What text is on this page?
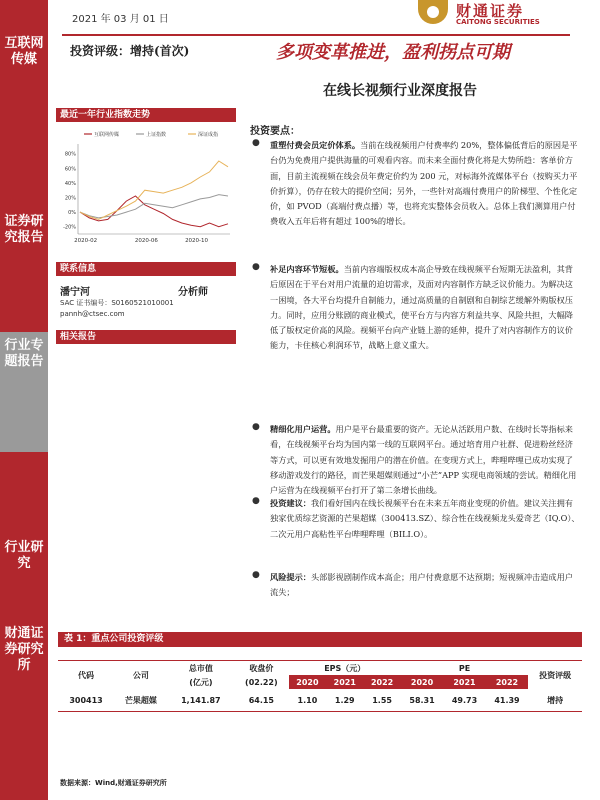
互联网传媒
证券研究报告
行业专题报告
行业研究
财通证券研究所
2021 年 03 月 01 日	财通证券
CAITONG SECURITIES
投资评级：增持(首次)	多项变革推进，盈利拐点可期
在线长视频行业深度报告
最近一年行业指数走势
80%
60%
40%
20%
0%
-20%
2020-02	2020-06	2020-10
互联网传媒	上证指数	深证成指
联系信息
潘宁河	分析师
SAC 证书编号：S0160521010001
pannh@ctsec.com
相关报告
投资要点：
● 重塑付费会员定价体系。当前在线视频用户付费率约 20%，整体偏低背后的原因是平台仍为免费用户提供海量的可观看内容。而未来全面付费化将是大势所趋：客单价方面，目前主流视频在线会员年费定价约为 200 元，对标海外流媒体平台（按购买力平价折算），仍存在较大的提价空间；另外，一些针对高端付费用户的阶梯型、个性化定价，如 PVOD（高端付费点播）等，也将充实整体会员收入。总体上我们测算用户付费收入五年后将有超过 100%的增长。
● 补足内容环节短板。当前内容端版权成本高企导致在线视频平台短期无法盈利，其背后原因在于平台对用户流量的迫切需求，及面对内容制作方缺乏议价能力。为解决这一困境，各大平台均提升自制能力，通过高质量的自制剧和自制综艺缓解外购版权压力。同时，应用分账剧的商业模式，使平台方与内容方利益共享、风险共担，大幅降低了版权定价高的风险。视频平台向产业链上游的延伸，提升了对内容制作方的议价能力，卡住核心利润环节，战略上意义重大。
● 精细化用户运营。用户是平台最重要的资产。无论从活跃用户数、在线时长等指标来看，在线视频平台均为国内第一线的互联网平台。通过培育用户社群、促进粉丝经济等方式，可以更有效地发掘用户的潜在价值。在变现方式上，哔哩哔哩已成功实现了移动游戏发行的路径，而芒果超媒则通过“小芒”APP 实现电商领域的尝试。精细化用户运营为在线视频平台打开了第二条增长曲线。
● 投资建议：我们看好国内在线长视频平台在未来五年商业变现的价值。建议关注拥有独家优质综艺资源的芒果超媒（300413.SZ）、综合性在线视频龙头爱奇艺（IQ.O）、二次元用户高粘性平台哔哩哔哩（BILI.O）。
● 风险提示：头部影视剧制作成本高企；用户付费意愿不达预期；短视频冲击造成用户流失；
表 1：重点公司投资评级
代码	公司	总市值	收盘价	EPS（元）			PE			投资评级
		(亿元)	(02.22)	2020	2021	2022	2020	2021	2022	
300413	芒果超媒	1,141.87	64.15	1.10	1.29	1.55	58.31	49.73	41.39	增持
数据来源：Wind,财通证券研究所
